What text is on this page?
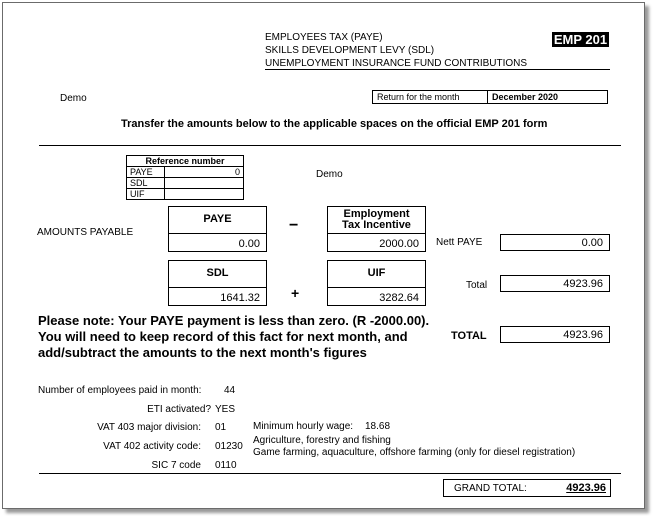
EMPLOYEES TAX (PAYE)
SKILLS DEVELOPMENT LEVY (SDL)
UNEMPLOYMENT INSURANCE FUND CONTRIBUTIONS
EMP 201
Demo	Return for the month	December 2020
Transfer the amounts below to the applicable spaces on the official EMP 201 form
Reference number	
PAYE	0
SDL	
UIF	
Demo
AMOUNTS PAYABLE
PAYE
0.00
−
Employment Tax Incentive
2000.00 Nett PAYE	0.00
SDL
1641.32 +
UIF
3282.64
Total	4923.96
Please note: Your PAYE payment is less than zero. (R -2000.00).
You will need to keep record of this fact for next month, and
add/subtract the amounts to the next month's figures
TOTAL	4923.96
Number of employees paid in month: 44
ETI activated? YES
VAT 403 major division: 01	Minimum hourly wage: 18.68
VAT 402 activity code: 01230
Agriculture, forestry and fishing
Game farming, aquaculture, offshore farming (only for diesel registration)
SIC 7 code 0110
GRAND TOTAL:	4923.96
